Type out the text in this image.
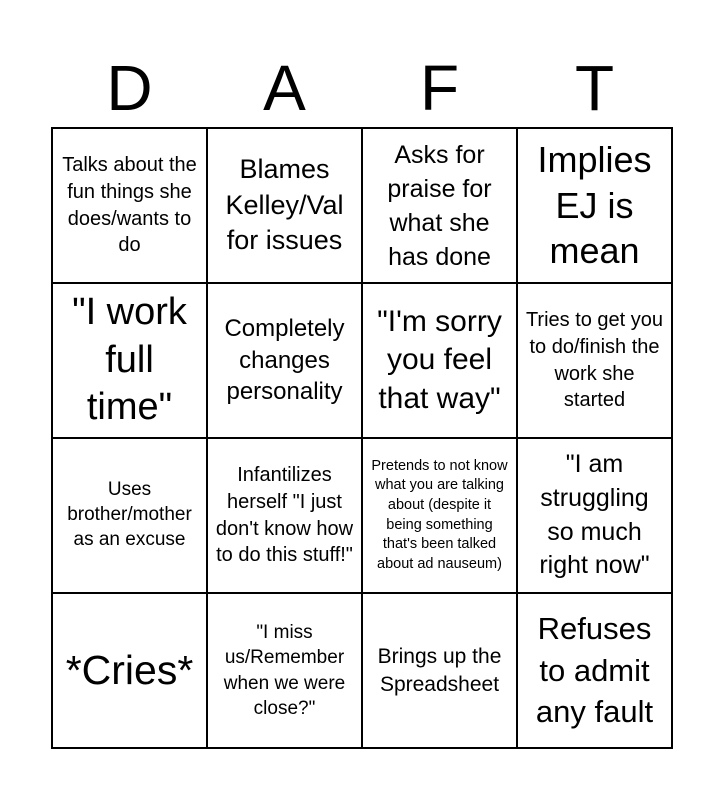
D	A	F	T
Talks about the fun things she does/wants to do
Blames Kelley/Val for issues
Asks for praise for what she has done
Implies EJ is mean
"I work full time"
Completely changes personality
"I'm sorry you feel that way"
Tries to get you to do/finish the work she started
Uses brother/mother as an excuse
Infantilizes herself "I just don't know how to do this stuff!"
Pretends to not know what you are talking about (despite it being something that's been talked about ad nauseum)
"I am struggling so much right now"
*Cries*
"I miss us/Remember when we were close?"
Brings up the Spreadsheet
Refuses to admit any fault
